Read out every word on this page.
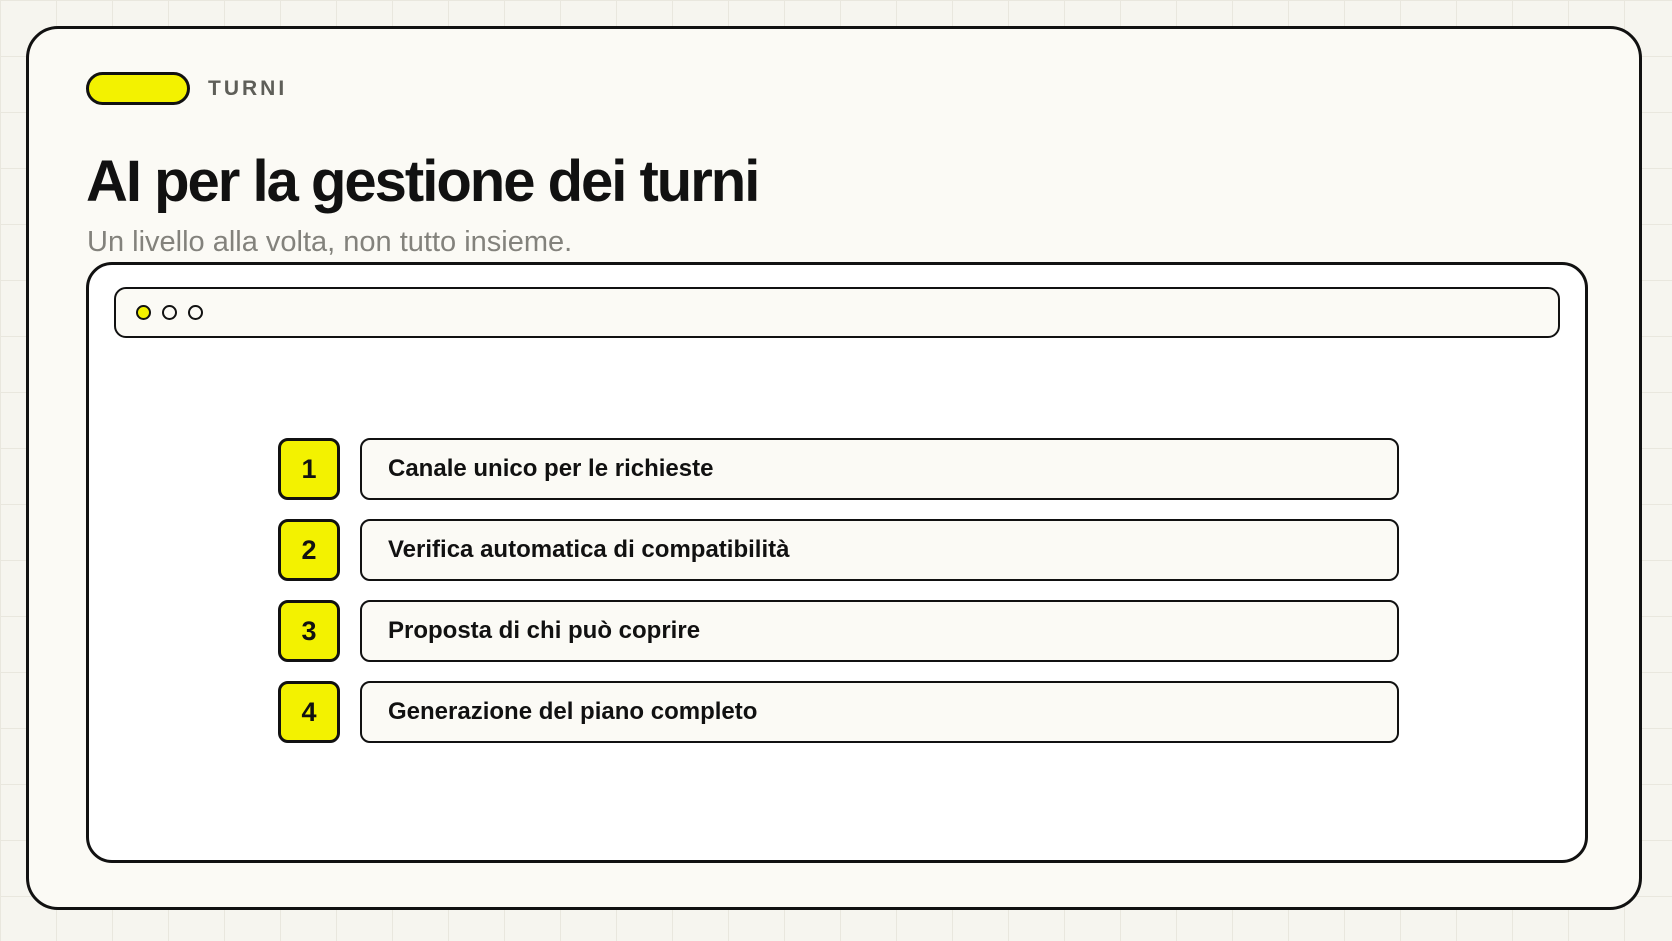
TURNI
AI per la gestione dei turni

Un livello alla volta, non tutto insieme.

1	Canale unico per le richieste
2	Verifica automatica di compatibilità
3	Proposta di chi può coprire
4	Generazione del piano completo
